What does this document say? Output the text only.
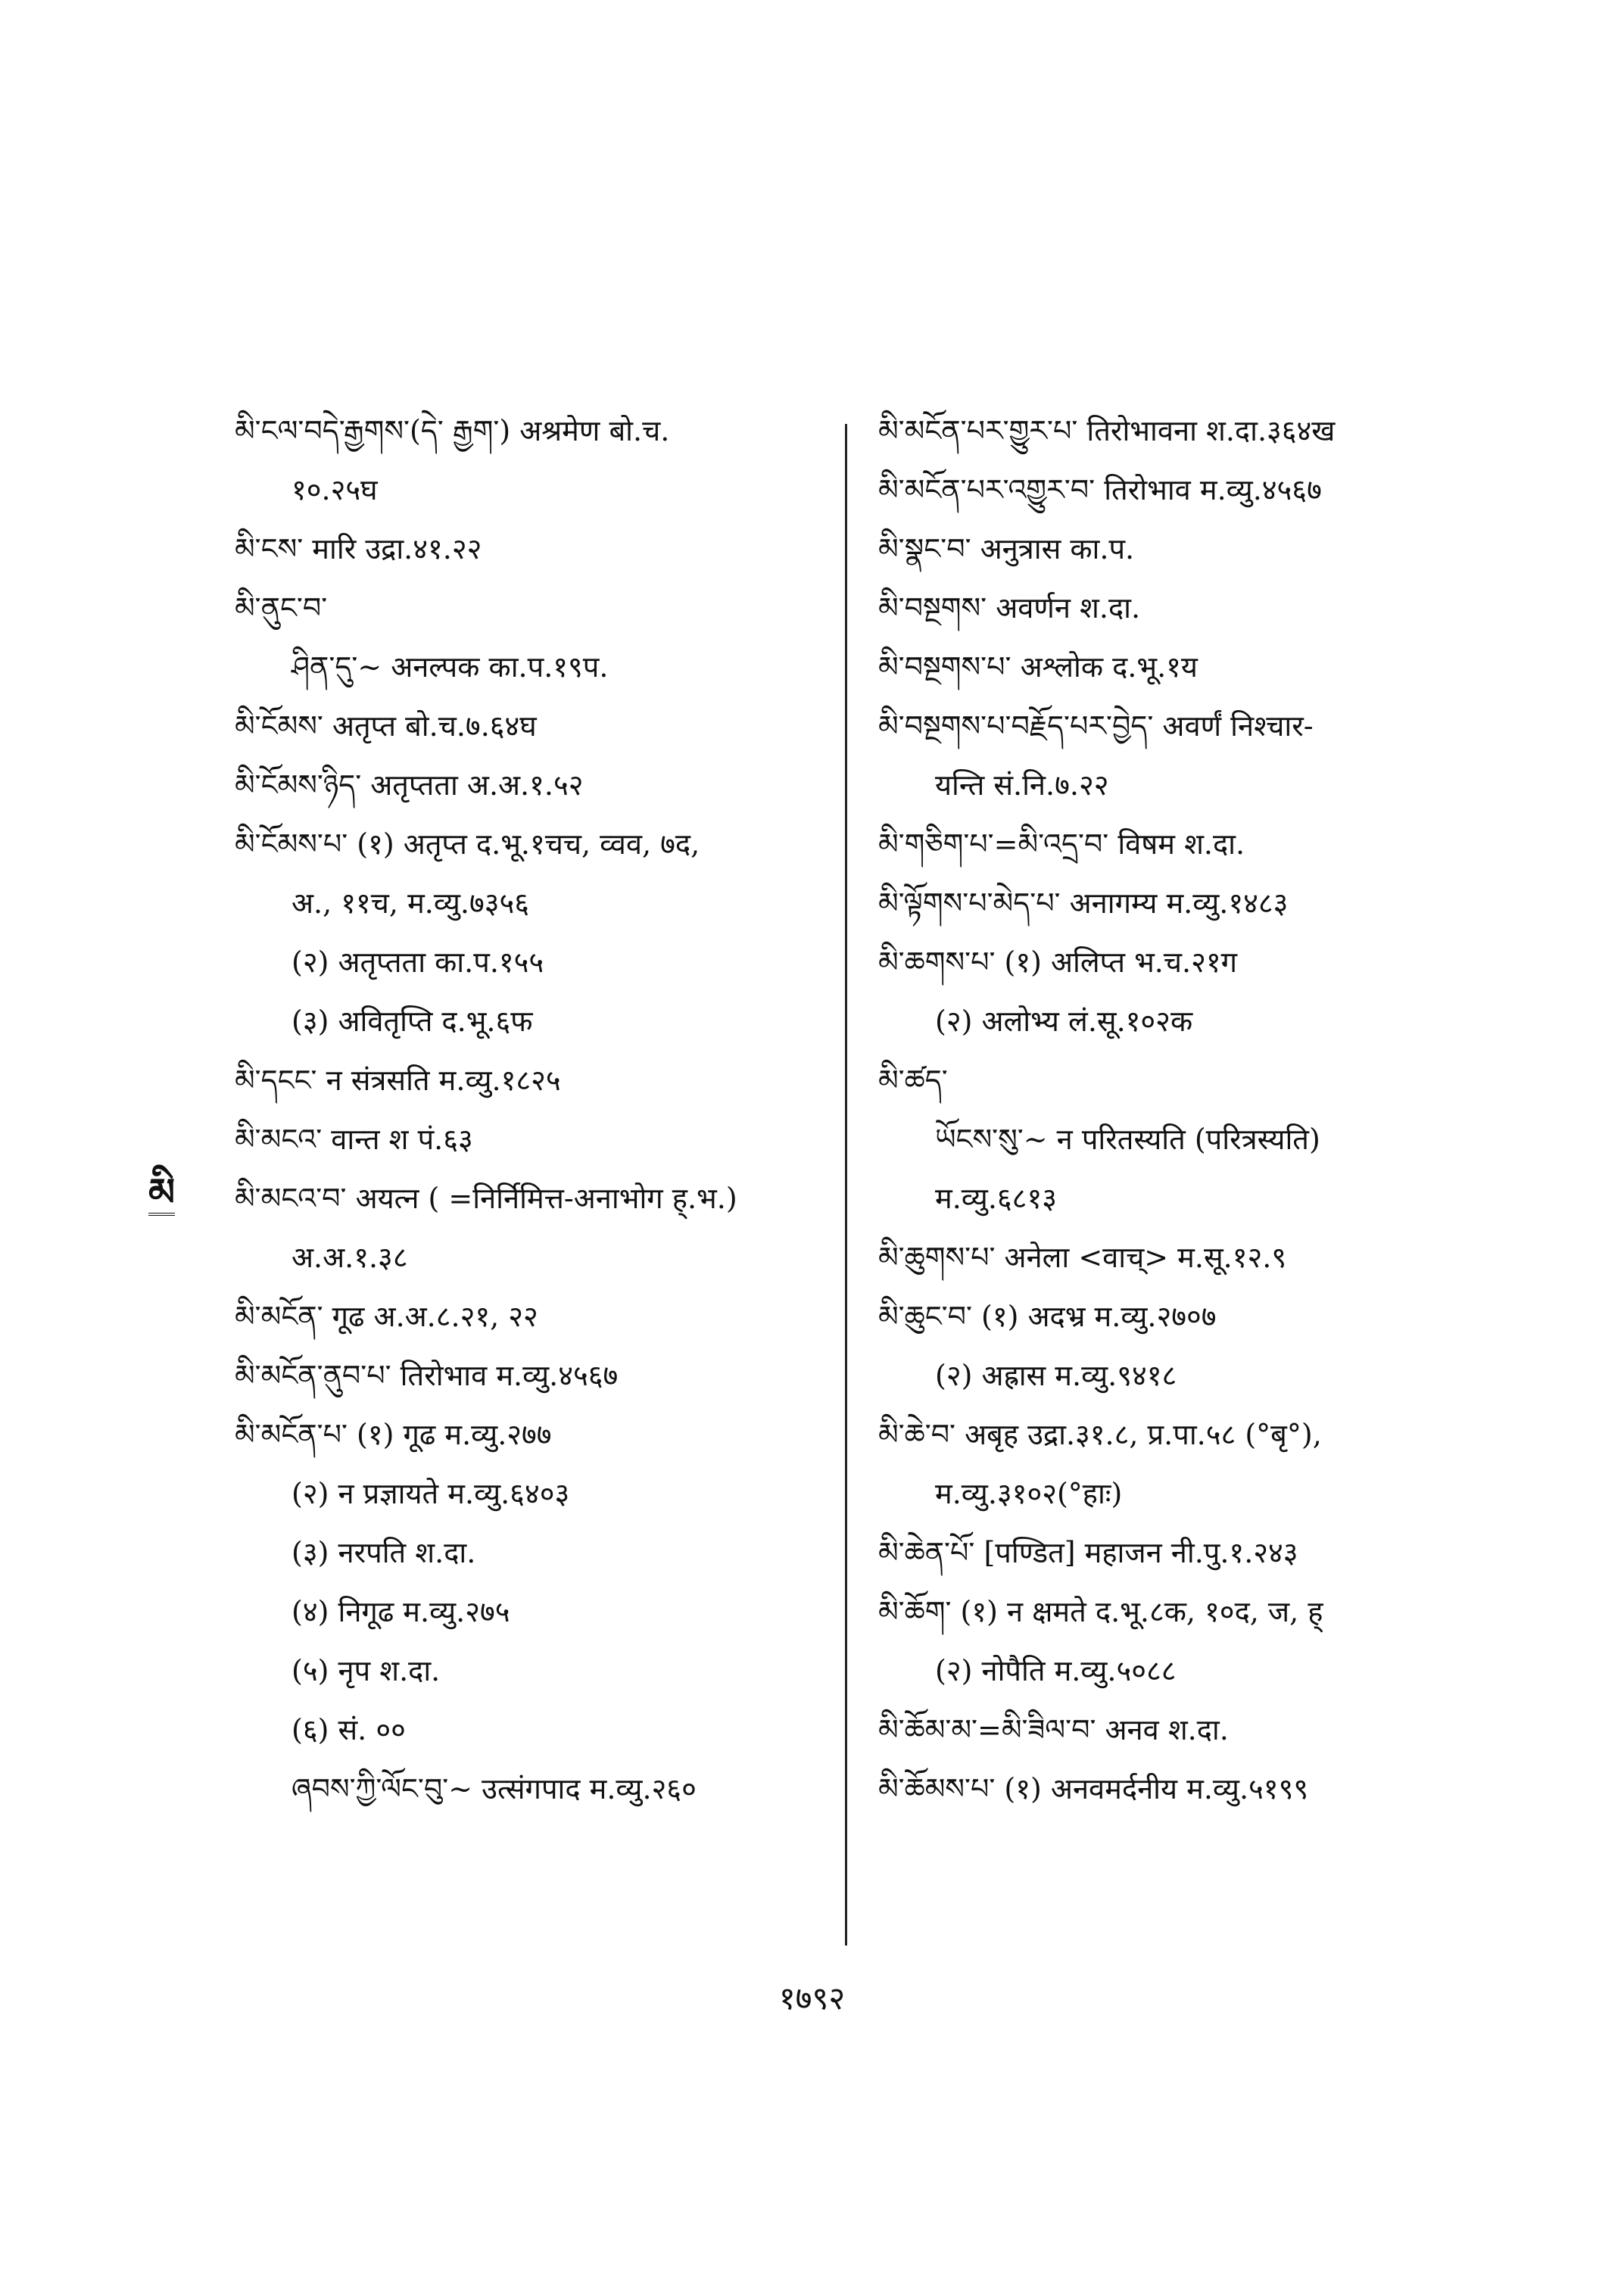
མི
མི་ངལ་བདེ་རྒྱགས་(དེ་ རྒྱག་) अश्रमेण बो.च.
१०.२५घ
མི་ངས་ मारि उद्रा.४१.२२
མི་ནུང་བ་
ཤིན་དུ་~ अनल्पक का.प.१९प.
མི་ངོམས་ अतृप्त बो.च.७.६४घ
མི་ངོམས་ཉིད་ अतृप्तता अ.अ.१.५२
མི་ངོམས་པ་ (१) अतृप्त द.भू.१चच, व्वव, ७द,
अ., ११च, म.व्यु.७३५६
(२) अतृप्तता का.प.१५५
(३) अवितृप्ति द.भू.६फ
མི་དངང་ न संत्रसति म.व्यु.१८२५
མི་མངའ་ वान्त श पं.६३
མི་མངའ་བ་ अयत्न ( =निर्निमित्त-अनाभोग ह्.भ.)
अ.अ.१.३८
མི་མངོན་ गूढ अ.अ.८.२१, २२
མི་མངོན་ནུབ་པ་ तिरोभाव म.व्यु.४५६७
མི་མངོན་པ་ (१) गूढ म.व्यु.२७७
(२) न प्रज्ञायते म.व्यु.६४०३
(३) नरपति श.दा.
(४) निगूढ म.व्यु.२७५
(५) नृप श.दा.
(६) सं. ००
ཞབས་ཀྱི་ལོང་བུ་~ उत्संगपाद म.व्यु.२६०
མི་མངོན་པར་གྱུར་པ་ तिरोभावना श.दा.३६४ख
མི་མངོན་པར་འགྱུར་བ་ तिरोभाव म.व्यु.४५६७
མི་སྣང་བ་ अनुत्रास का.प.
མི་བསྔགས་ अवर्णन श.दा.
མི་བསྔགས་པ་ अश्लोक द.भू.१य
མི་བསྔགས་པ་བརྗོད་པར་བྱེད་ अवर्णं निश्चार-
यन्ति सं.नि.७.२२
མི་གཅིག་པ་=མི་འདྲ་བ་ विषम श.दा.
མི་ལྟོགས་པ་མེད་པ་ अनागम्य म.व्यु.१४८३
མི་ཆགས་པ་ (१) अलिप्त भ.च.२१ग
(२) अलोभ्य लं.सू.१०२क
མི་ཚད་
ཡོངས་སུ་~ न परितस्यति (परित्रस्यति)
म.व्यु.६८१३
མི་ཆུགས་པ་ अनेला <वाच्> म.सू.१२.९
མི་ཆུང་བ་ (१) अदभ्र म.व्यु.२७०७
(२) अह्रास म.व्यु.९४१८
མི་ཆེ་བ་ अबृह उद्रा.३१.८, प्र.पा.५८ (°बृ°),
म.व्यु.३१०२(°हाः)
མི་ཆེན་པོ་ [पण्डित] महाजन नी.पु.१.२४३
མི་ཆོག་ (१) न क्षमते द.भू.८क, १०द, ज, ह्
(२) नोपैति म.व्यु.५०८८
མི་ཆོམ་མ་=མི་ཟིལ་བ་ अनव श.दा.
མི་ཆོམས་པ་ (१) अनवमर्दनीय म.व्यु.५१९९
१७९२
